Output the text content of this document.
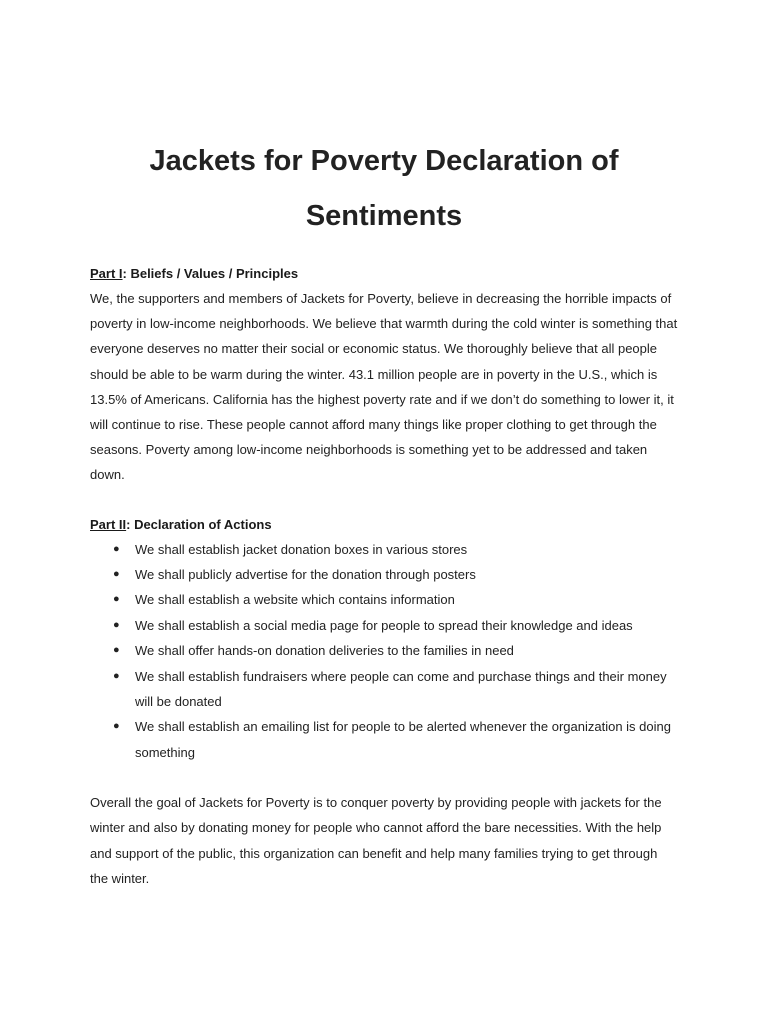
Jackets for Poverty Declaration of
Sentiments

Part I: Beliefs / Values / Principles

We, the supporters and members of Jackets for Poverty, believe in decreasing the horrible impacts of poverty in low-income neighborhoods. We believe that warmth during the cold winter is something that everyone deserves no matter their social or economic status. We thoroughly believe that all people should be able to be warm during the winter. 43.1 million people are in poverty in the U.S., which is 13.5% of Americans. California has the highest poverty rate and if we don’t do something to lower it, it will continue to rise. These people cannot afford many things like proper clothing to get through the seasons. Poverty among low-income neighborhoods is something yet to be addressed and taken down.

Part II: Declaration of Actions

● We shall establish jacket donation boxes in various stores
● We shall publicly advertise for the donation through posters
● We shall establish a website which contains information
● We shall establish a social media page for people to spread their knowledge and ideas
● We shall offer hands-on donation deliveries to the families in need
● We shall establish fundraisers where people can come and purchase things and their money will be donated
● We shall establish an emailing list for people to be alerted whenever the organization is doing something

Overall the goal of Jackets for Poverty is to conquer poverty by providing people with jackets for the winter and also by donating money for people who cannot afford the bare necessities. With the help and support of the public, this organization can benefit and help many families trying to get through the winter.
